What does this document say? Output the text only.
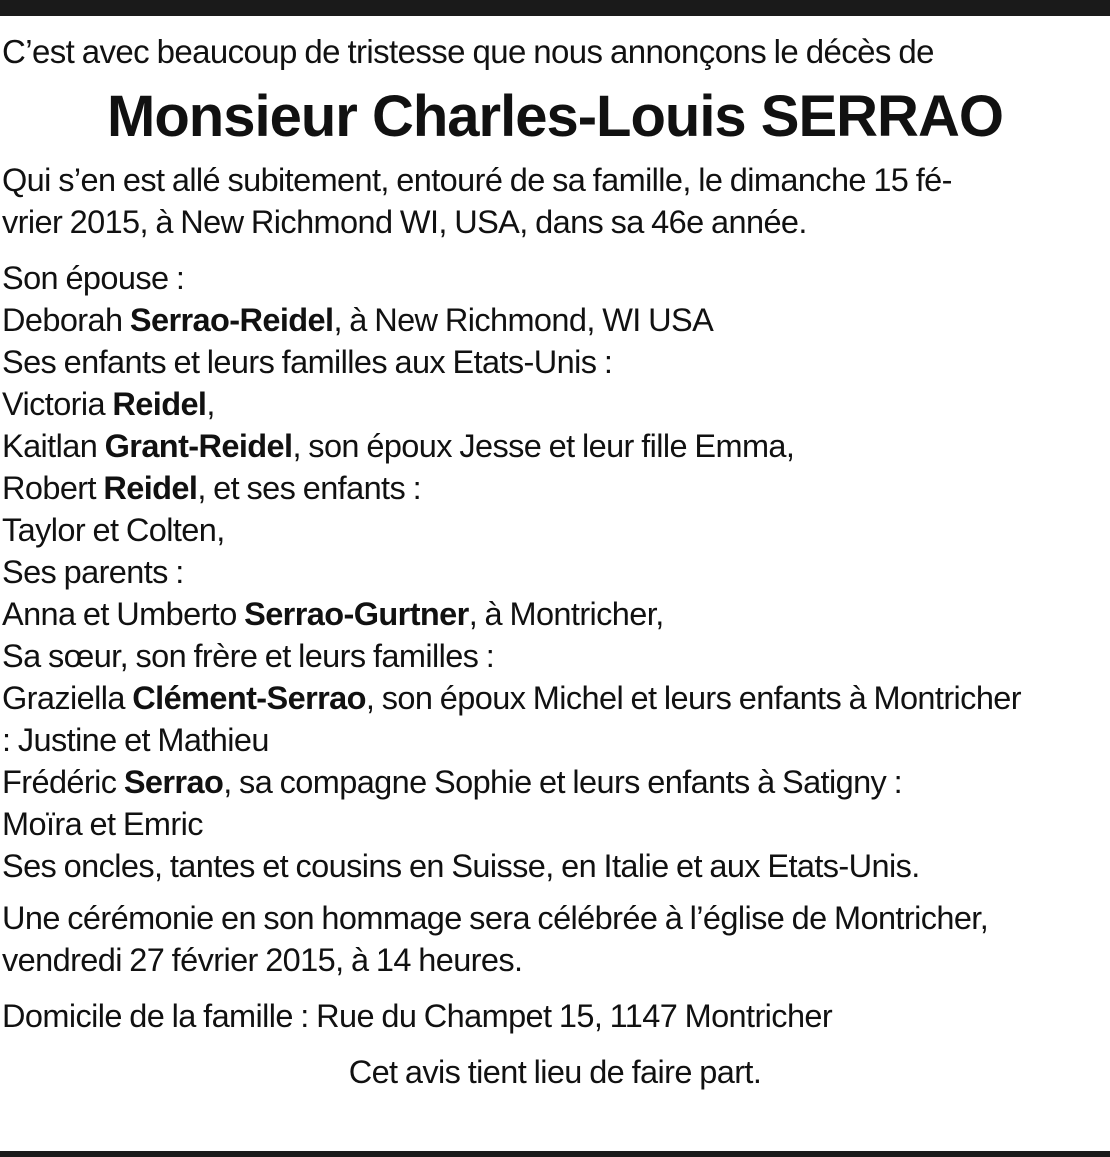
C’est avec beaucoup de tristesse que nous annonçons le décès de
Monsieur Charles-Louis SERRAO
Qui s’en est allé subitement, entouré de sa famille, le dimanche 15 fé-
vrier 2015, à New Richmond WI, USA, dans sa 46e année.
Son épouse :
Deborah Serrao-Reidel, à New Richmond, WI USA
Ses enfants et leurs familles aux Etats-Unis :
Victoria Reidel,
Kaitlan Grant-Reidel, son époux Jesse et leur fille Emma,
Robert Reidel, et ses enfants :
Taylor et Colten,
Ses parents :
Anna et Umberto Serrao-Gurtner, à Montricher,
Sa sœur, son frère et leurs familles :
Graziella Clément-Serrao, son époux Michel et leurs enfants à Montricher
: Justine et Mathieu
Frédéric Serrao, sa compagne Sophie et leurs enfants à Satigny :
Moïra et Emric
Ses oncles, tantes et cousins en Suisse, en Italie et aux Etats-Unis.
Une cérémonie en son hommage sera célébrée à l’église de Montricher,
vendredi 27 février 2015, à 14 heures.
Domicile de la famille : Rue du Champet 15, 1147 Montricher
Cet avis tient lieu de faire part.
